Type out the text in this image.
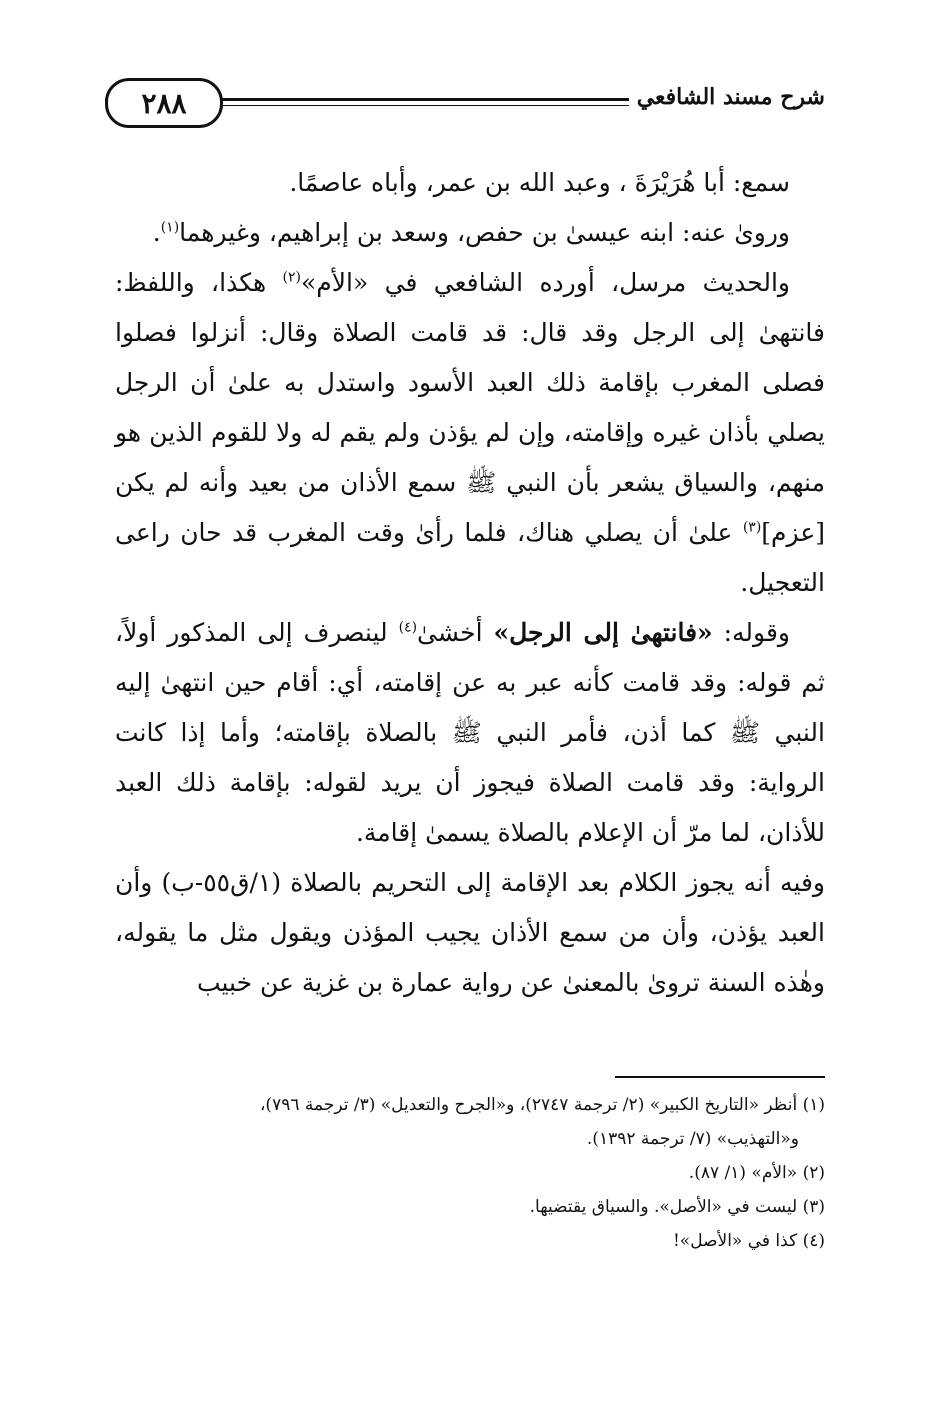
٢٨٨	شرح مسند الشافعي

سمع: أبا هُرَيْرَةَ ، وعبد الله بن عمر، وأباه عاصمًا.

وروىٰ عنه: ابنه عيسىٰ بن حفص، وسعد بن إبراهيم، وغيرهما$^{(١)}$.

والحديث مرسل، أورده الشافعي في «الأم»$^{(٢)}$ هكذا، واللفظ: فانتهىٰ إلى الرجل وقد قال: قد قامت الصلاة وقال: أنزلوا فصلوا فصلى المغرب بإقامة ذلك العبد الأسود واستدل به علىٰ أن الرجل يصلي بأذان غيره وإقامته، وإن لم يؤذن ولم يقم له ولا للقوم الذين هو منهم، والسياق يشعر بأن النبي ﷺ سمع الأذان من بعيد وأنه لم يكن [عزم]$^{(٣)}$ علىٰ أن يصلي هناك، فلما رأىٰ وقت المغرب قد حان راعى التعجيل.

وقوله: «فانتهىٰ إلى الرجل» أخشىٰ$^{(٤)}$ لينصرف إلى المذكور أولاً، ثم قوله: وقد قامت كأنه عبر به عن إقامته، أي: أقام حين انتهىٰ إليه النبي ﷺ كما أذن، فأمر النبي ﷺ بالصلاة بإقامته؛ وأما إذا كانت الرواية: وقد قامت الصلاة فيجوز أن يريد لقوله: بإقامة ذلك العبد للأذان، لما مرّ أن الإعلام بالصلاة يسمىٰ إقامة.

وفيه أنه يجوز الكلام بعد الإقامة إلى التحريم بالصلاة (١/ق٥٥-ب) وأن العبد يؤذن، وأن من سمع الأذان يجيب المؤذن ويقول مثل ما يقوله، وهٰذه السنة تروىٰ بالمعنىٰ عن رواية عمارة بن غزية عن خبيب

(١) أنظر «التاريخ الكبير» (٢/ ترجمة ٢٧٤٧)، و«الجرح والتعديل» (٣/ ترجمة ٧٩٦)،
و«التهذيب» (٧/ ترجمة ١٣٩٢).
(٢) «الأم» (١/ ٨٧).
(٣) ليست في «الأصل». والسياق يقتضيها.
(٤) كذا في «الأصل»!
